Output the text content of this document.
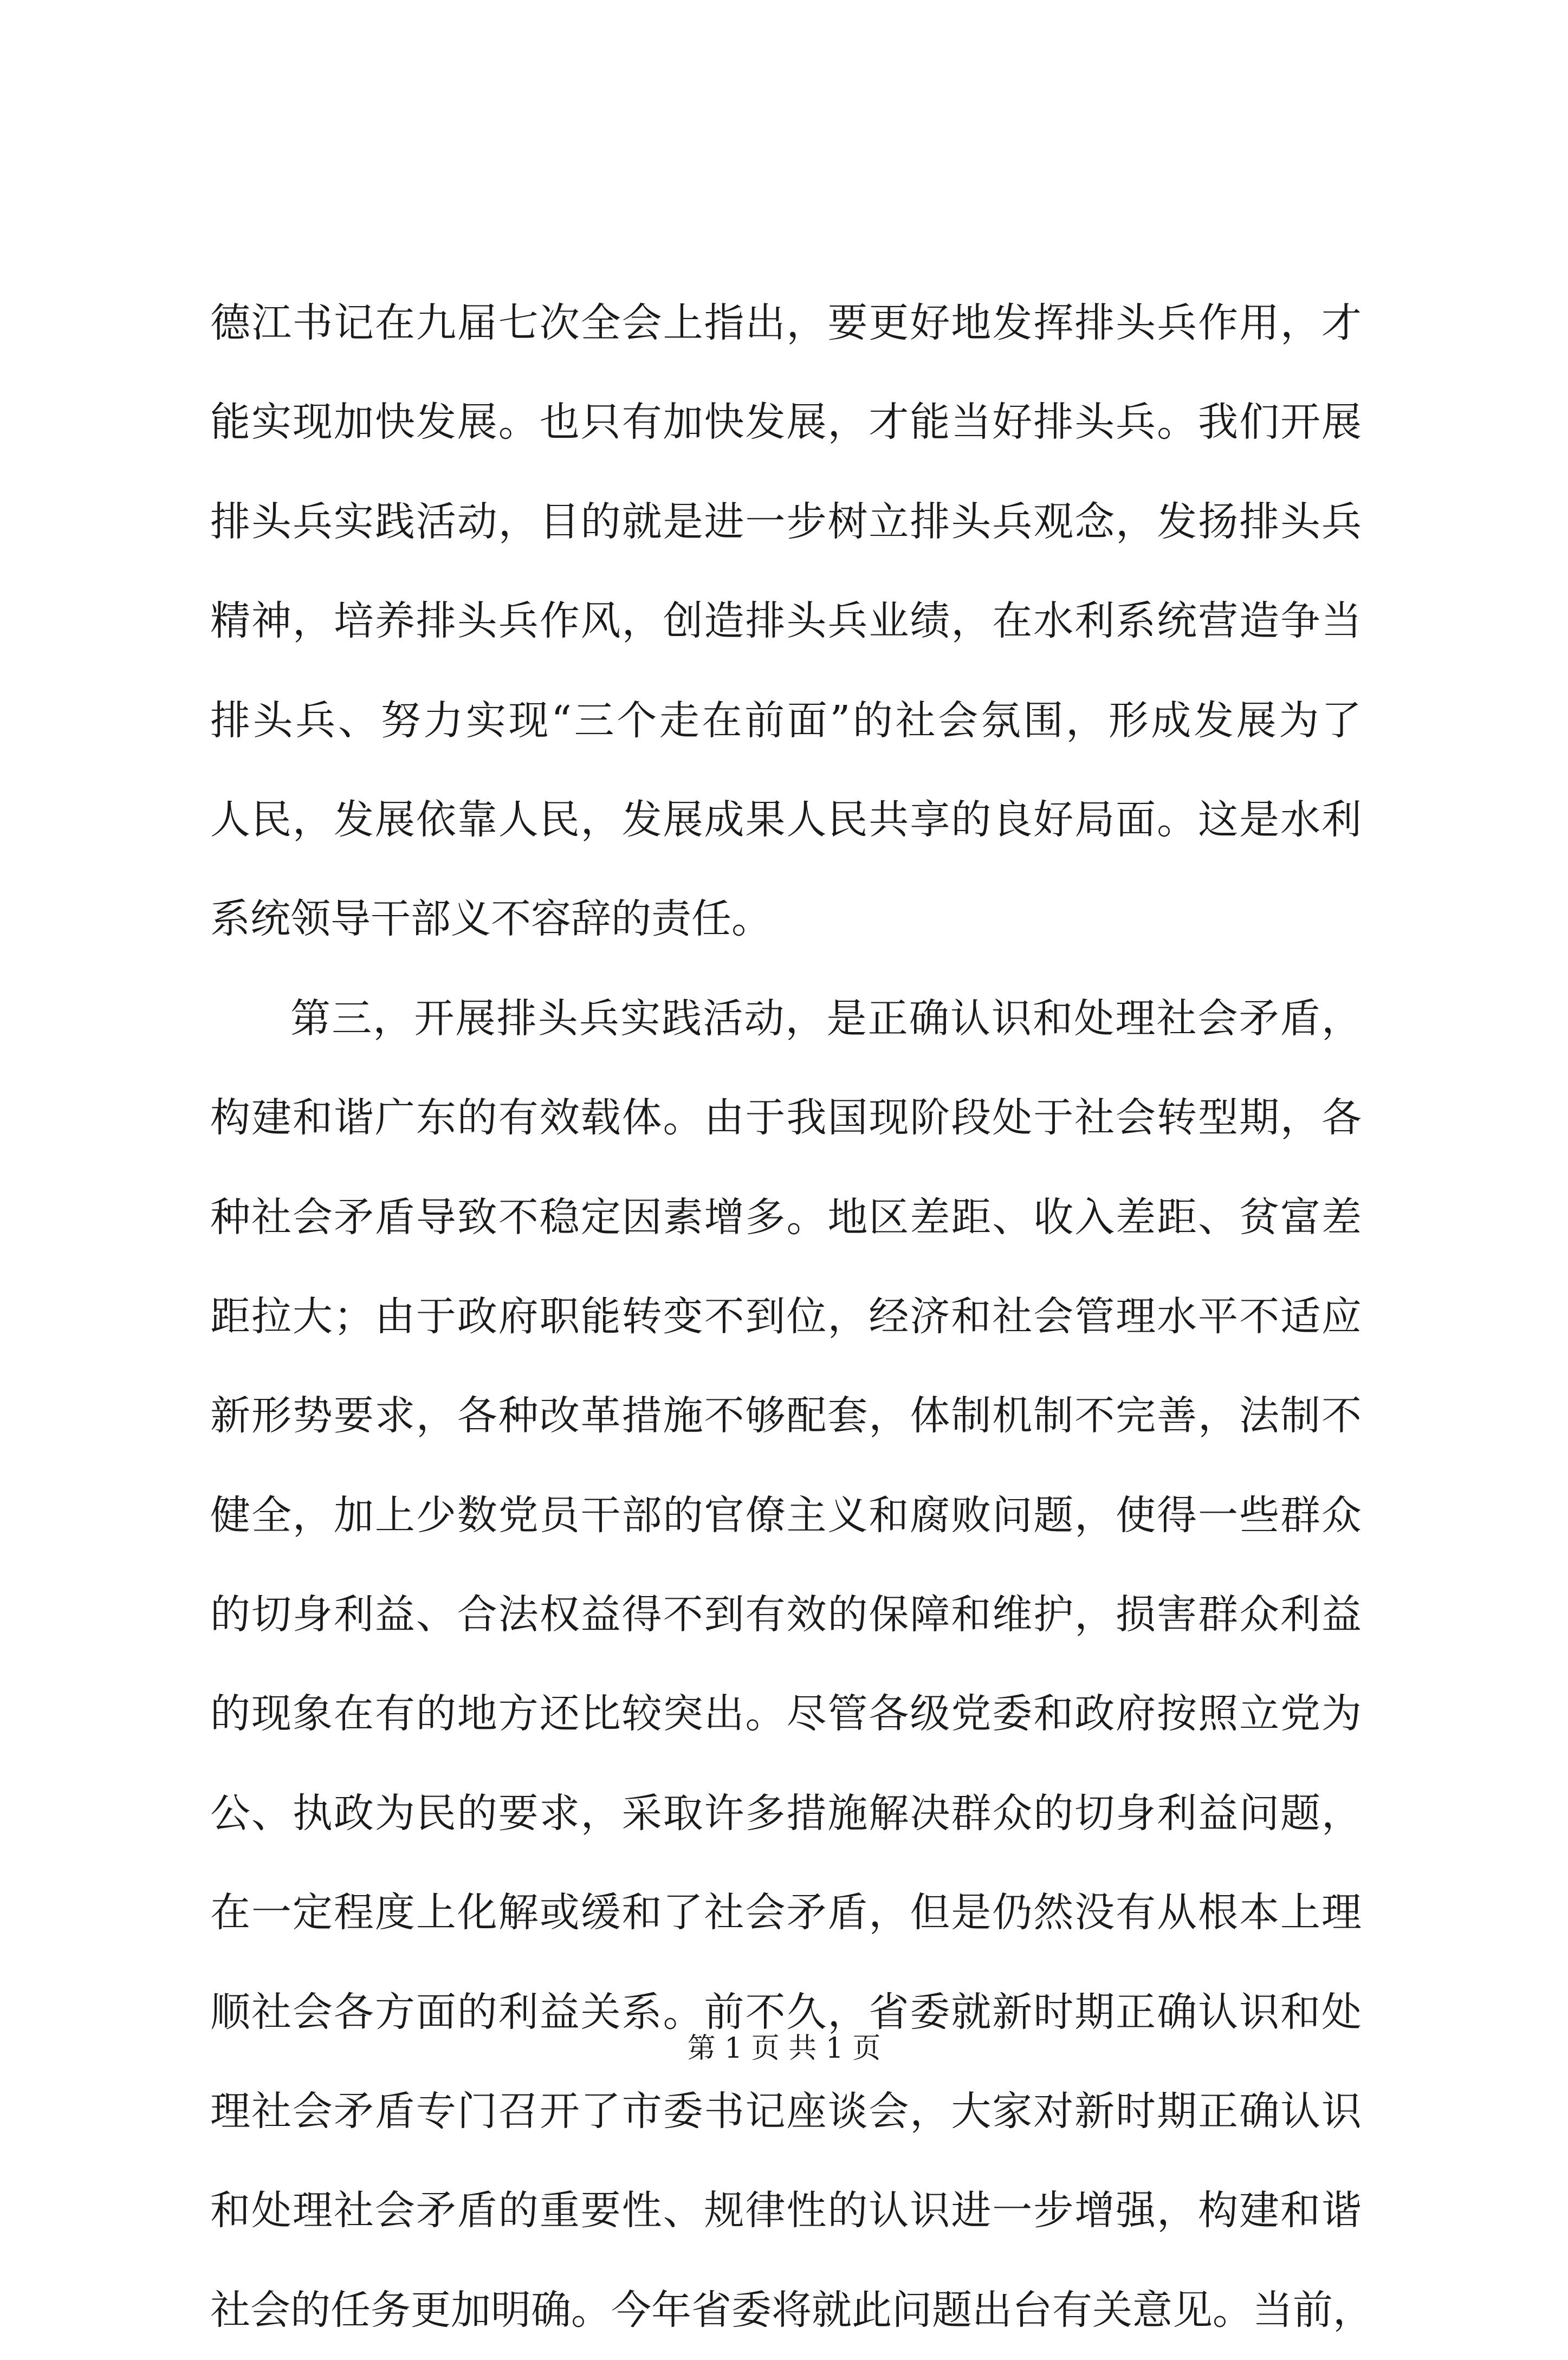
德江书记在九届七次全会上指出，要更好地发挥排头兵作用，才
能实现加快发展。也只有加快发展，才能当好排头兵。我们开展
排头兵实践活动，目的就是进一步树立排头兵观念，发扬排头兵
精神，培养排头兵作风，创造排头兵业绩，在水利系统营造争当
排头兵、努力实现“三个走在前面”的社会氛围，形成发展为了
人民，发展依靠人民，发展成果人民共享的良好局面。这是水利
系统领导干部义不容辞的责任。
第三，开展排头兵实践活动，是正确认识和处理社会矛盾，
构建和谐广东的有效载体。由于我国现阶段处于社会转型期，各
种社会矛盾导致不稳定因素增多。地区差距、收入差距、贫富差
距拉大；由于政府职能转变不到位，经济和社会管理水平不适应
新形势要求，各种改革措施不够配套，体制机制不完善，法制不
健全，加上少数党员干部的官僚主义和腐败问题，使得一些群众
的切身利益、合法权益得不到有效的保障和维护，损害群众利益
的现象在有的地方还比较突出。尽管各级党委和政府按照立党为
公、执政为民的要求，采取许多措施解决群众的切身利益问题，
在一定程度上化解或缓和了社会矛盾，但是仍然没有从根本上理
顺社会各方面的利益关系。前不久，省委就新时期正确认识和处
理社会矛盾专门召开了市委书记座谈会，大家对新时期正确认识
和处理社会矛盾的重要性、规律性的认识进一步增强，构建和谐
社会的任务更加明确。今年省委将就此问题出台有关意见。当前，
第 1 页 共 1 页
